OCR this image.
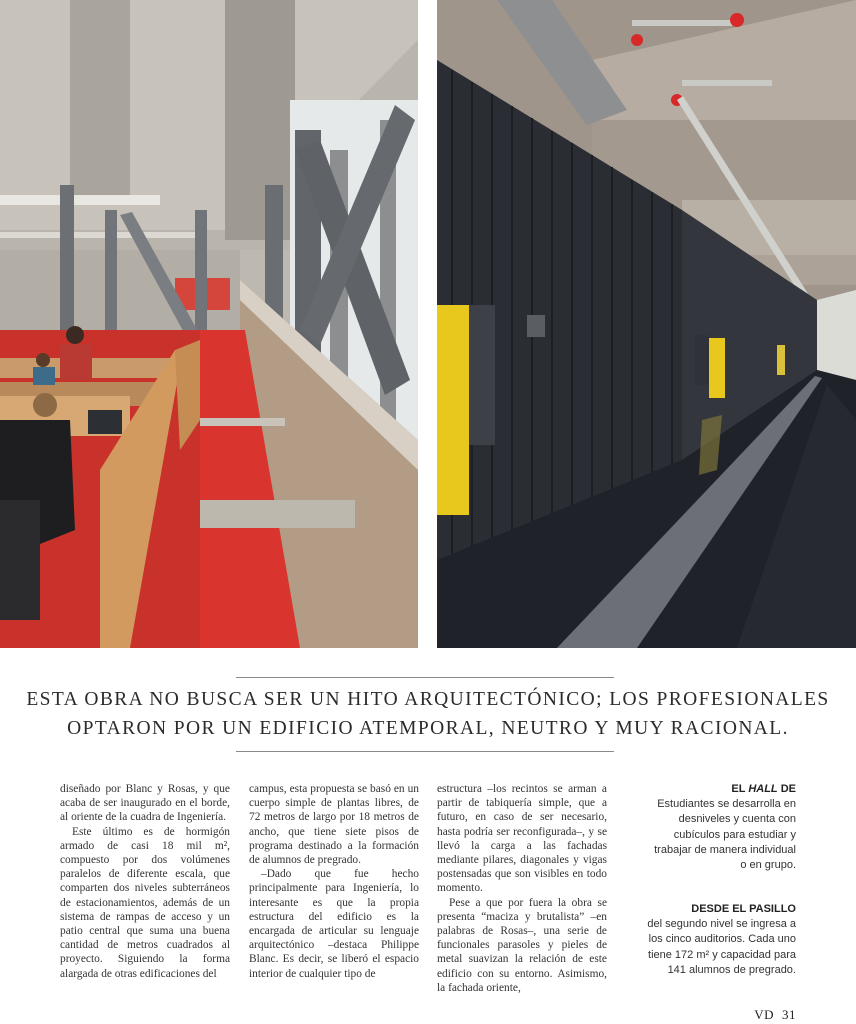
ESTA OBRA NO BUSCA SER UN HITO ARQUITECTÓNICO; LOS PROFESIONALES
OPTARON POR UN EDIFICIO ATEMPORAL, NEUTRO Y MUY RACIONAL.

diseñado por Blanc y Rosas, y que acaba de ser inaugurado en el borde, al oriente de la cuadra de Ingeniería.

Este último es de hormigón armado de casi 18 mil m², compuesto por dos volúmenes paralelos de diferente escala, que comparten dos niveles subterráneos de estacionamientos, además de un sistema de rampas de acceso y un patio central que suma una buena cantidad de metros cuadrados al proyecto. Siguiendo la forma alargada de otras edificaciones del

campus, esta propuesta se basó en un cuerpo simple de plantas libres, de 72 metros de largo por 18 metros de ancho, que tiene siete pisos de programa destinado a la formación de alumnos de pregrado.

–Dado que fue hecho principalmente para Ingeniería, lo interesante es que la propia estructura del edificio es la encargada de articular su lenguaje arquitectónico –destaca Philippe Blanc. Es decir, se liberó el espacio interior de cualquier tipo de

estructura –los recintos se arman a partir de tabiquería simple, que a futuro, en caso de ser necesario, hasta podría ser reconfigurada–, y se llevó la carga a las fachadas mediante pilares, diagonales y vigas postensadas que son visibles en todo momento.

Pese a que por fuera la obra se presenta “maciza y brutalista” –en palabras de Rosas–, una serie de funcionales parasoles y pieles de metal suavizan la relación de este edificio con su entorno. Asimismo, la fachada oriente,

EL HALL DE
Estudiantes se desarrolla en desniveles y cuenta con cubículos para estudiar y trabajar de manera individual o en grupo.
DESDE EL PASILLO
del segundo nivel se ingresa a los cinco auditorios. Cada uno tiene 172 m² y capacidad para 141 alumnos de pregrado.
VD 31
